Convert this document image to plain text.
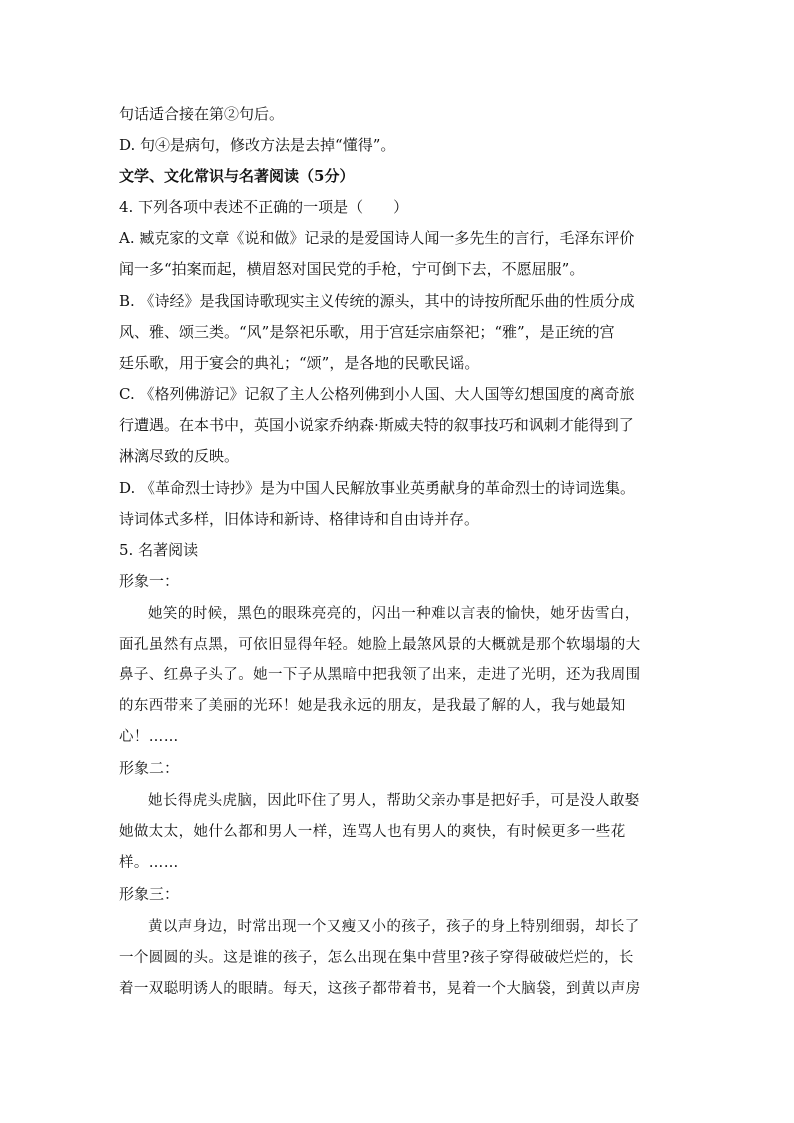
句话适合接在第②句后。
D. 句④是病句，修改方法是去掉“懂得”。
文学、文化常识与名著阅读（5分）
4. 下列各项中表述不正确的一项是（　　）
A. 臧克家的文章《说和做》记录的是爱国诗人闻一多先生的言行，毛泽东评价
闻一多“拍案而起，横眉怒对国民党的手枪，宁可倒下去，不愿屈服”。
B. 《诗经》是我国诗歌现实主义传统的源头，其中的诗按所配乐曲的性质分成
风、雅、颂三类。“风”是祭祀乐歌，用于宫廷宗庙祭祀；“雅”，是正统的宫
廷乐歌，用于宴会的典礼；“颂”，是各地的民歌民谣。
C. 《格列佛游记》记叙了主人公格列佛到小人国、大人国等幻想国度的离奇旅
行遭遇。在本书中，英国小说家乔纳森·斯威夫特的叙事技巧和讽刺才能得到了
淋漓尽致的反映。
D. 《革命烈士诗抄》是为中国人民解放事业英勇献身的革命烈士的诗词选集。
诗词体式多样，旧体诗和新诗、格律诗和自由诗并存。
5. 名著阅读
形象一：
她笑的时候，黑色的眼珠亮亮的，闪出一种难以言表的愉快，她牙齿雪白，
面孔虽然有点黑，可依旧显得年轻。她脸上最煞风景的大概就是那个软塌塌的大
鼻子、红鼻子头了。她一下子从黑暗中把我领了出来，走进了光明，还为我周围
的东西带来了美丽的光环！她是我永远的朋友，是我最了解的人，我与她最知
心！……
形象二：
她长得虎头虎脑，因此吓住了男人，帮助父亲办事是把好手，可是没人敢娶
她做太太，她什么都和男人一样，连骂人也有男人的爽快，有时候更多一些花
样。……
形象三：
黄以声身边，时常出现一个又瘦又小的孩子，孩子的身上特别细弱，却长了
一个圆圆的头。这是谁的孩子，怎么出现在集中营里?孩子穿得破破烂烂的，长
着一双聪明诱人的眼睛。每天，这孩子都带着书，晃着一个大脑袋，到黄以声房
